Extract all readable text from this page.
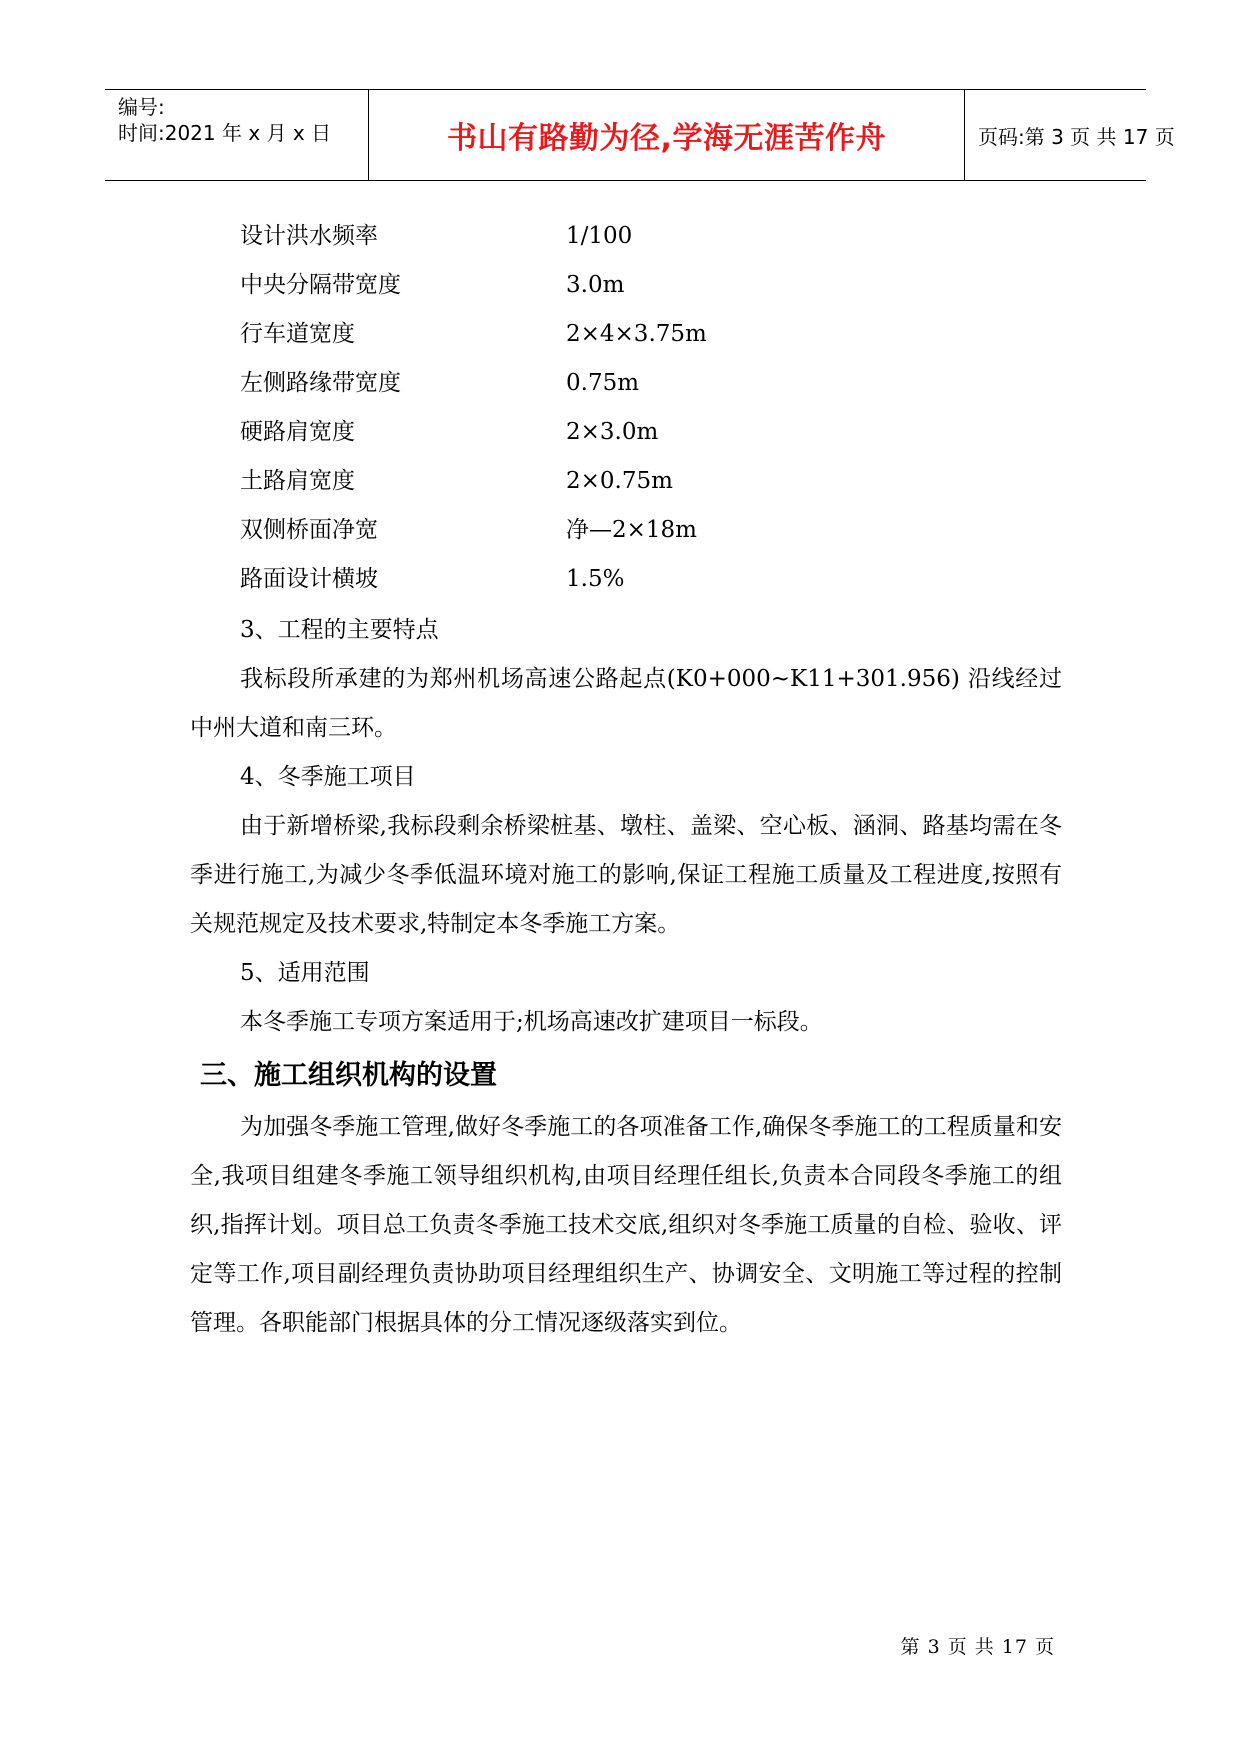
编号:
时间:2021 年 x 月 x 日	书山有路勤为径,学海无涯苦作舟	页码:第 3 页 共 17 页
设计洪水频率	1/100
中央分隔带宽度	3.0m
行车道宽度	2×4×3.75m
左侧路缘带宽度	0.75m
硬路肩宽度	2×3.0m
土路肩宽度	2×0.75m
双侧桥面净宽	净—2×18m
路面设计横坡	1.5%

3、工程的主要特点

我标段所承建的为郑州机场高速公路起点(K0+000~K11+301.956) 沿线经过中州大道和南三环。

4、冬季施工项目

由于新增桥梁,我标段剩余桥梁桩基、墩柱、盖梁、空心板、涵洞、路基均需在冬季进行施工,为减少冬季低温环境对施工的影响,保证工程施工质量及工程进度,按照有关规范规定及技术要求,特制定本冬季施工方案。

5、适用范围

本冬季施工专项方案适用于;机场高速改扩建项目一标段。

三、施工组织机构的设置

为加强冬季施工管理,做好冬季施工的各项准备工作,确保冬季施工的工程质量和安全,我项目组建冬季施工领导组织机构,由项目经理任组长,负责本合同段冬季施工的组织,指挥计划。项目总工负责冬季施工技术交底,组织对冬季施工质量的自检、验收、评定等工作,项目副经理负责协助项目经理组织生产、协调安全、文明施工等过程的控制管理。各职能部门根据具体的分工情况逐级落实到位。

第 3 页 共 17 页
